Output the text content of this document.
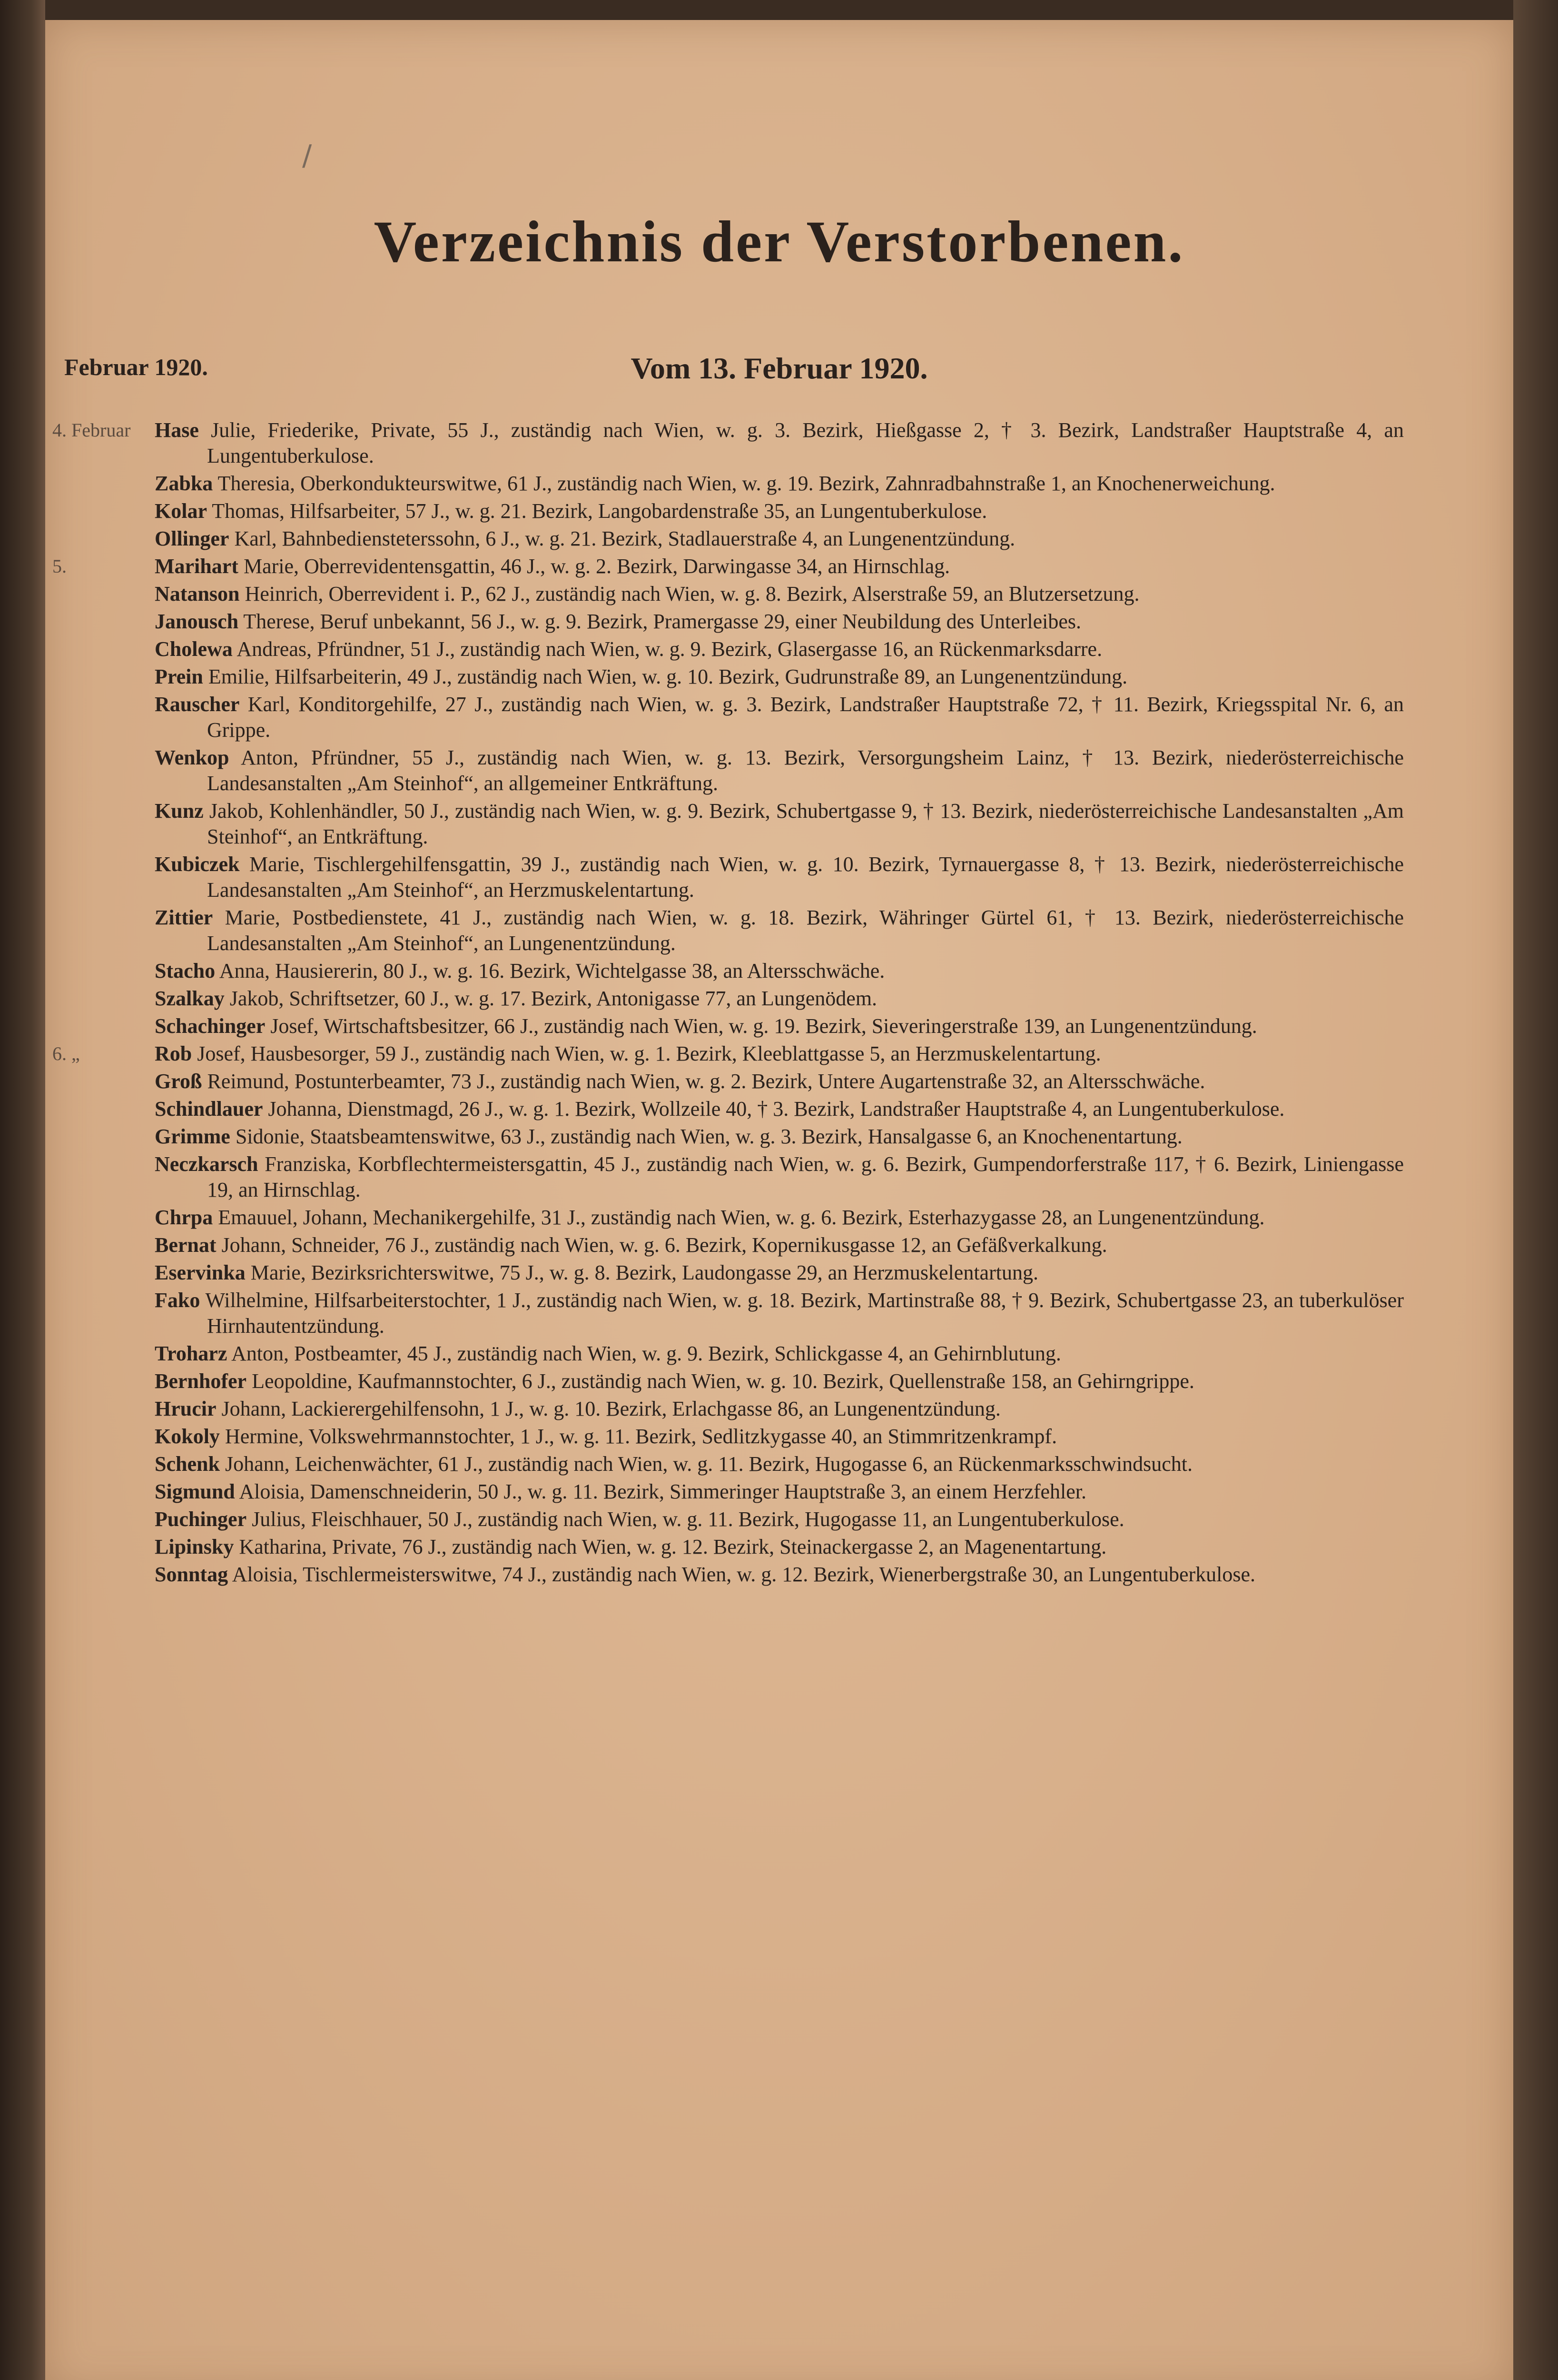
/
Verzeichnis der Verstorbenen.
Februar 1920.	Vom 13. Februar 1920.
4. Februar	Hase Julie, Friederike, Private, 55 J., zuständig nach Wien, w. g. 3. Bezirk, Hießgasse 2, † 3. Bezirk, Landstraßer Hauptstraße 4, an Lungentuberkulose.
Zabka Theresia, Oberkondukteurswitwe, 61 J., zuständig nach Wien, w. g. 19. Bezirk, Zahnradbahnstraße 1, an Knochenerweichung.
Kolar Thomas, Hilfsarbeiter, 57 J., w. g. 21. Bezirk, Langobardenstraße 35, an Lungentuberkulose.
Ollinger Karl, Bahnbediensteterssohn, 6 J., w. g. 21. Bezirk, Stadlauerstraße 4, an Lungenentzündung.
5.	Marihart Marie, Oberrevidentensgattin, 46 J., w. g. 2. Bezirk, Darwingasse 34, an Hirnschlag.
Natanson Heinrich, Oberrevident i. P., 62 J., zuständig nach Wien, w. g. 8. Bezirk, Alserstraße 59, an Blutzersetzung.
Janousch Therese, Beruf unbekannt, 56 J., w. g. 9. Bezirk, Pramergasse 29, einer Neubildung des Unterleibes.
Cholewa Andreas, Pfründner, 51 J., zuständig nach Wien, w. g. 9. Bezirk, Glasergasse 16, an Rückenmarksdarre.
Prein Emilie, Hilfsarbeiterin, 49 J., zuständig nach Wien, w. g. 10. Bezirk, Gudrunstraße 89, an Lungenentzündung.
Rauscher Karl, Konditorgehilfe, 27 J., zuständig nach Wien, w. g. 3. Bezirk, Landstraßer Hauptstraße 72, † 11. Bezirk, Kriegsspital Nr. 6, an Grippe.
Wenkop Anton, Pfründner, 55 J., zuständig nach Wien, w. g. 13. Bezirk, Versorgungsheim Lainz, † 13. Bezirk, niederösterreichische Landesanstalten „Am Steinhof“, an allgemeiner Entkräftung.
Kunz Jakob, Kohlenhändler, 50 J., zuständig nach Wien, w. g. 9. Bezirk, Schubertgasse 9, † 13. Bezirk, niederösterreichische Landesanstalten „Am Steinhof“, an Entkräftung.
Kubiczek Marie, Tischlergehilfensgattin, 39 J., zuständig nach Wien, w. g. 10. Bezirk, Tyrnauergasse 8, † 13. Bezirk, niederösterreichische Landesanstalten „Am Steinhof“, an Herzmuskelentartung.
Zittier Marie, Postbedienstete, 41 J., zuständig nach Wien, w. g. 18. Bezirk, Währinger Gürtel 61, † 13. Bezirk, niederösterreichische Landesanstalten „Am Steinhof“, an Lungenentzündung.
Stacho Anna, Hausiererin, 80 J., w. g. 16. Bezirk, Wichtelgasse 38, an Altersschwäche.
Szalkay Jakob, Schriftsetzer, 60 J., w. g. 17. Bezirk, Antonigasse 77, an Lungenödem.
Schachinger Josef, Wirtschaftsbesitzer, 66 J., zuständig nach Wien, w. g. 19. Bezirk, Sieveringerstraße 139, an Lungenentzündung.
6. „	Rob Josef, Hausbesorger, 59 J., zuständig nach Wien, w. g. 1. Bezirk, Kleeblattgasse 5, an Herzmuskelentartung.
Groß Reimund, Postunterbeamter, 73 J., zuständig nach Wien, w. g. 2. Bezirk, Untere Augartenstraße 32, an Altersschwäche.
Schindlauer Johanna, Dienstmagd, 26 J., w. g. 1. Bezirk, Wollzeile 40, † 3. Bezirk, Landstraßer Hauptstraße 4, an Lungentuberkulose.
Grimme Sidonie, Staatsbeamtenswitwe, 63 J., zuständig nach Wien, w. g. 3. Bezirk, Hansalgasse 6, an Knochenentartung.
Neczkarsch Franziska, Korbflechtermeistersgattin, 45 J., zuständig nach Wien, w. g. 6. Bezirk, Gumpendorferstraße 117, † 6. Bezirk, Liniengasse 19, an Hirnschlag.
Chrpa Emauuel, Johann, Mechanikergehilfe, 31 J., zuständig nach Wien, w. g. 6. Bezirk, Esterhazygasse 28, an Lungenentzündung.
Bernat Johann, Schneider, 76 J., zuständig nach Wien, w. g. 6. Bezirk, Kopernikusgasse 12, an Gefäßverkalkung.
Eservinka Marie, Bezirksrichterswitwe, 75 J., w. g. 8. Bezirk, Laudongasse 29, an Herzmuskelentartung.
Fako Wilhelmine, Hilfsarbeiterstochter, 1 J., zuständig nach Wien, w. g. 18. Bezirk, Martinstraße 88, † 9. Bezirk, Schubertgasse 23, an tuberkulöser Hirnhautentzündung.
Troharz Anton, Postbeamter, 45 J., zuständig nach Wien, w. g. 9. Bezirk, Schlickgasse 4, an Gehirnblutung.
Bernhofer Leopoldine, Kaufmannstochter, 6 J., zuständig nach Wien, w. g. 10. Bezirk, Quellenstraße 158, an Gehirngrippe.
Hrucir Johann, Lackierergehilfensohn, 1 J., w. g. 10. Bezirk, Erlachgasse 86, an Lungenentzündung.
Kokoly Hermine, Volkswehrmannstochter, 1 J., w. g. 11. Bezirk, Sedlitzkygasse 40, an Stimmritzenkrampf.
Schenk Johann, Leichenwächter, 61 J., zuständig nach Wien, w. g. 11. Bezirk, Hugogasse 6, an Rückenmarksschwindsucht.
Sigmund Aloisia, Damenschneiderin, 50 J., w. g. 11. Bezirk, Simmeringer Hauptstraße 3, an einem Herzfehler.
Puchinger Julius, Fleischhauer, 50 J., zuständig nach Wien, w. g. 11. Bezirk, Hugogasse 11, an Lungentuberkulose.
Lipinsky Katharina, Private, 76 J., zuständig nach Wien, w. g. 12. Bezirk, Steinackergasse 2, an Magenentartung.
Sonntag Aloisia, Tischlermeisterswitwe, 74 J., zuständig nach Wien, w. g. 12. Bezirk, Wienerbergstraße 30, an Lungentuberkulose.
